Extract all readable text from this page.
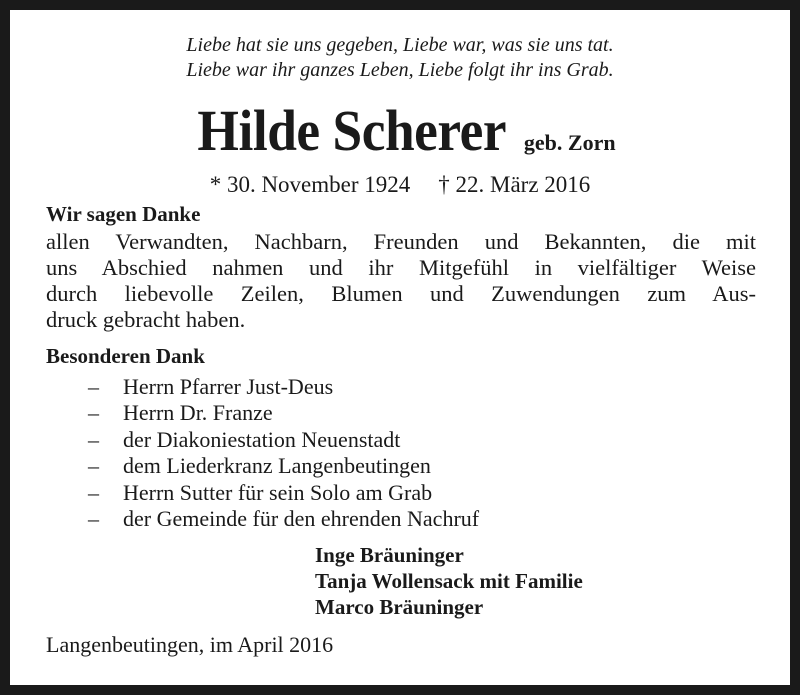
Liebe hat sie uns gegeben, Liebe war, was sie uns tat.
Liebe war ihr ganzes Leben, Liebe folgt ihr ins Grab.
Hilde Scherer geb. Zorn
* 30. November 1924 † 22. März 2016
Wir sagen Danke
allen Verwandten, Nachbarn, Freunden und Bekannten, die mit
uns Abschied nahmen und ihr Mitgefühl in vielfältiger Weise
durch liebevolle Zeilen, Blumen und Zuwendungen zum Aus-
druck gebracht haben.
Besonderen Dank
– Herrn Pfarrer Just-Deus
– Herrn Dr. Franze
– der Diakoniestation Neuenstadt
– dem Liederkranz Langenbeutingen
– Herrn Sutter für sein Solo am Grab
– der Gemeinde für den ehrenden Nachruf
Inge Bräuninger
Tanja Wollensack mit Familie
Marco Bräuninger
Langenbeutingen, im April 2016
